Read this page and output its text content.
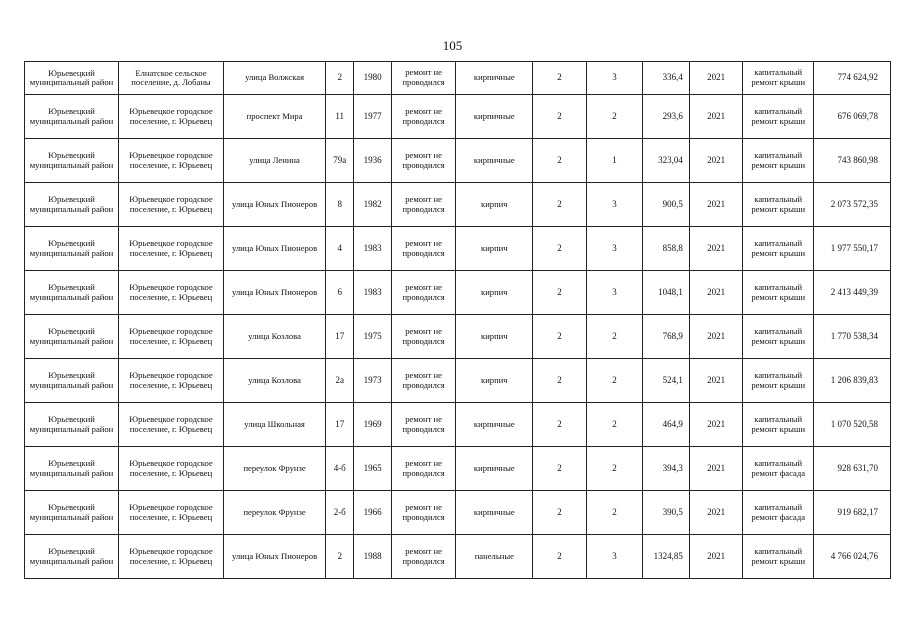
105
Юрьевецкий муниципальный район	Елнатское сельское поселение, д. Лобаны	улица Волжская	2	1980	ремонт не проводился	кирпичные	2	3	336,4	2021	капитальный ремонт крыши	774 624,92
Юрьевецкий муниципальный район	Юрьевецкое городское поселение, г. Юрьевец	проспект Мира	11	1977	ремонт не проводился	кирпичные	2	2	293,6	2021	капитальный ремонт крыши	676 069,78
Юрьевецкий муниципальный район	Юрьевецкое городское поселение, г. Юрьевец	улица Ленина	79а	1936	ремонт не проводился	кирпичные	2	1	323,04	2021	капитальный ремонт крыши	743 860,98
Юрьевецкий муниципальный район	Юрьевецкое городское поселение, г. Юрьевец	улица Юных Пионеров	8	1982	ремонт не проводился	кирпич	2	3	900,5	2021	капитальный ремонт крыши	2 073 572,35
Юрьевецкий муниципальный район	Юрьевецкое городское поселение, г. Юрьевец	улица Юных Пионеров	4	1983	ремонт не проводился	кирпич	2	3	858,8	2021	капитальный ремонт крыши	1 977 550,17
Юрьевецкий муниципальный район	Юрьевецкое городское поселение, г. Юрьевец	улица Юных Пионеров	6	1983	ремонт не проводился	кирпич	2	3	1048,1	2021	капитальный ремонт крыши	2 413 449,39
Юрьевецкий муниципальный район	Юрьевецкое городское поселение, г. Юрьевец	улица Козлова	17	1975	ремонт не проводился	кирпич	2	2	768,9	2021	капитальный ремонт крыши	1 770 538,34
Юрьевецкий муниципальный район	Юрьевецкое городское поселение, г. Юрьевец	улица Козлова	2а	1973	ремонт не проводился	кирпич	2	2	524,1	2021	капитальный ремонт крыши	1 206 839,83
Юрьевецкий муниципальный район	Юрьевецкое городское поселение, г. Юрьевец	улица Школьная	17	1969	ремонт не проводился	кирпичные	2	2	464,9	2021	капитальный ремонт крыши	1 070 520,58
Юрьевецкий муниципальный район	Юрьевецкое городское поселение, г. Юрьевец	переулок Фрунзе	4-б	1965	ремонт не проводился	кирпичные	2	2	394,3	2021	капитальный ремонт фасада	928 631,70
Юрьевецкий муниципальный район	Юрьевецкое городское поселение, г. Юрьевец	переулок Фрунзе	2-б	1966	ремонт не проводился	кирпичные	2	2	390,5	2021	капитальный ремонт фасада	919 682,17
Юрьевецкий муниципальный район	Юрьевецкое городское поселение, г. Юрьевец	улица Юных Пионеров	2	1988	ремонт не проводился	панельные	2	3	1324,85	2021	капитальный ремонт крыши	4 766 024,76
